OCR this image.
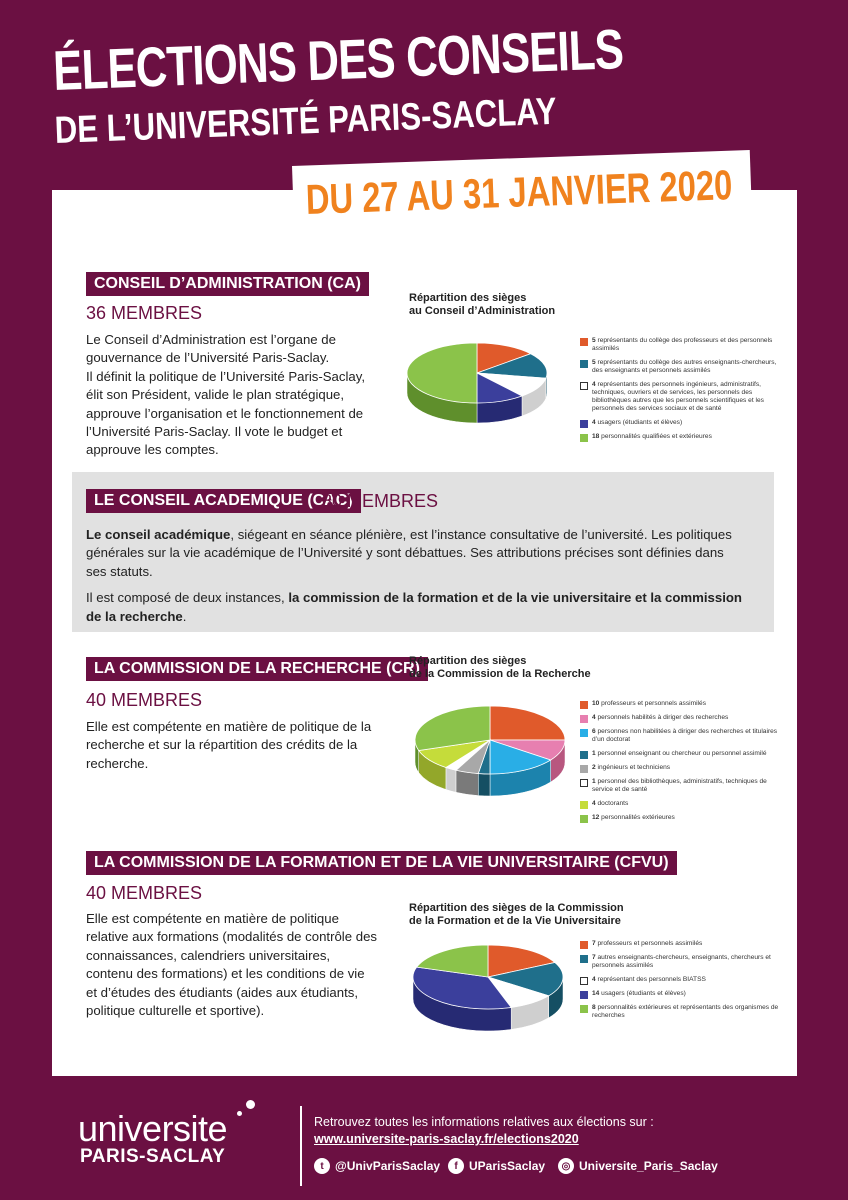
ÉLECTIONS DES CONSEILS
DE L’UNIVERSITÉ PARIS-SACLAY
DU 27 AU 31 JANVIER 2020
CONSEIL D’ADMINISTRATION (CA)
36 MEMBRES
Le Conseil d’Administration est l’organe de gouvernance de l’Université Paris-Saclay.
Il définit la politique de l’Université Paris-Saclay, élit son Président, valide le plan stratégique, approuve l’organisation et le fonctionnement de l’Université Paris-Saclay. Il vote le budget et approuve les comptes.
Répartition des sièges
au Conseil d’Administration
5 représentants du collège des professeurs et des personnels assimilés
5 représentants du collège des autres enseignants-chercheurs, des enseignants et personnels assimilés
4 représentants des personnels ingénieurs, administratifs, techniques, ouvriers et de services, les personnels des bibliothèques autres que les personnels scientifiques et les personnels des services sociaux et de santé
4 usagers (étudiants et élèves)
18 personnalités qualifiées et extérieures
LE CONSEIL ACADEMIQUE (CAC)
80 MEMBRES
Le conseil académique, siégeant en séance plénière, est l’instance consultative de l’université. Les politiques générales sur la vie académique de l’Université y sont débattues. Ses attributions précises sont définies dans ses statuts.
Il est composé de deux instances, la commission de la formation et de la vie universitaire et la commission de la recherche.
LA COMMISSION DE LA RECHERCHE (CR)
40 MEMBRES
Elle est compétente en matière de politique de la recherche et sur la répartition des crédits de la recherche.
Répartition des sièges
de la Commission de la Recherche
10 professeurs et personnels assimilés
4 personnels habilités à diriger des recherches
6 personnes non habilitées à diriger des recherches et titulaires d’un doctorat
1 personnel enseignant ou chercheur ou personnel assimilé
2 ingénieurs et techniciens
1 personnel des bibliothèques, administratifs, techniques de service et de santé
4 doctorants
12 personnalités extérieures
LA COMMISSION DE LA FORMATION ET DE LA VIE UNIVERSITAIRE (CFVU)
40 MEMBRES
Elle est compétente en matière de politique relative aux formations (modalités de contrôle des connaissances, calendriers universitaires, contenu des formations) et les conditions de vie et d’études des étudiants (aides aux étudiants, politique culturelle et sportive).
Répartition des sièges de la Commission
de la Formation et de la Vie Universitaire
7 professeurs et personnels assimilés
7 autres enseignants-chercheurs, enseignants, chercheurs et personnels assimilés
4 représentant des personnels BIATSS
14 usagers (étudiants et élèves)
8 personnalités extérieures et représentants des organismes de recherches
universite
PARIS-SACLAY
Retrouvez toutes les informations relatives aux élections sur :
www.universite-paris-saclay.fr/elections2020
t @UnivParisSaclay	f UParisSaclay	◎ Universite_Paris_Saclay
